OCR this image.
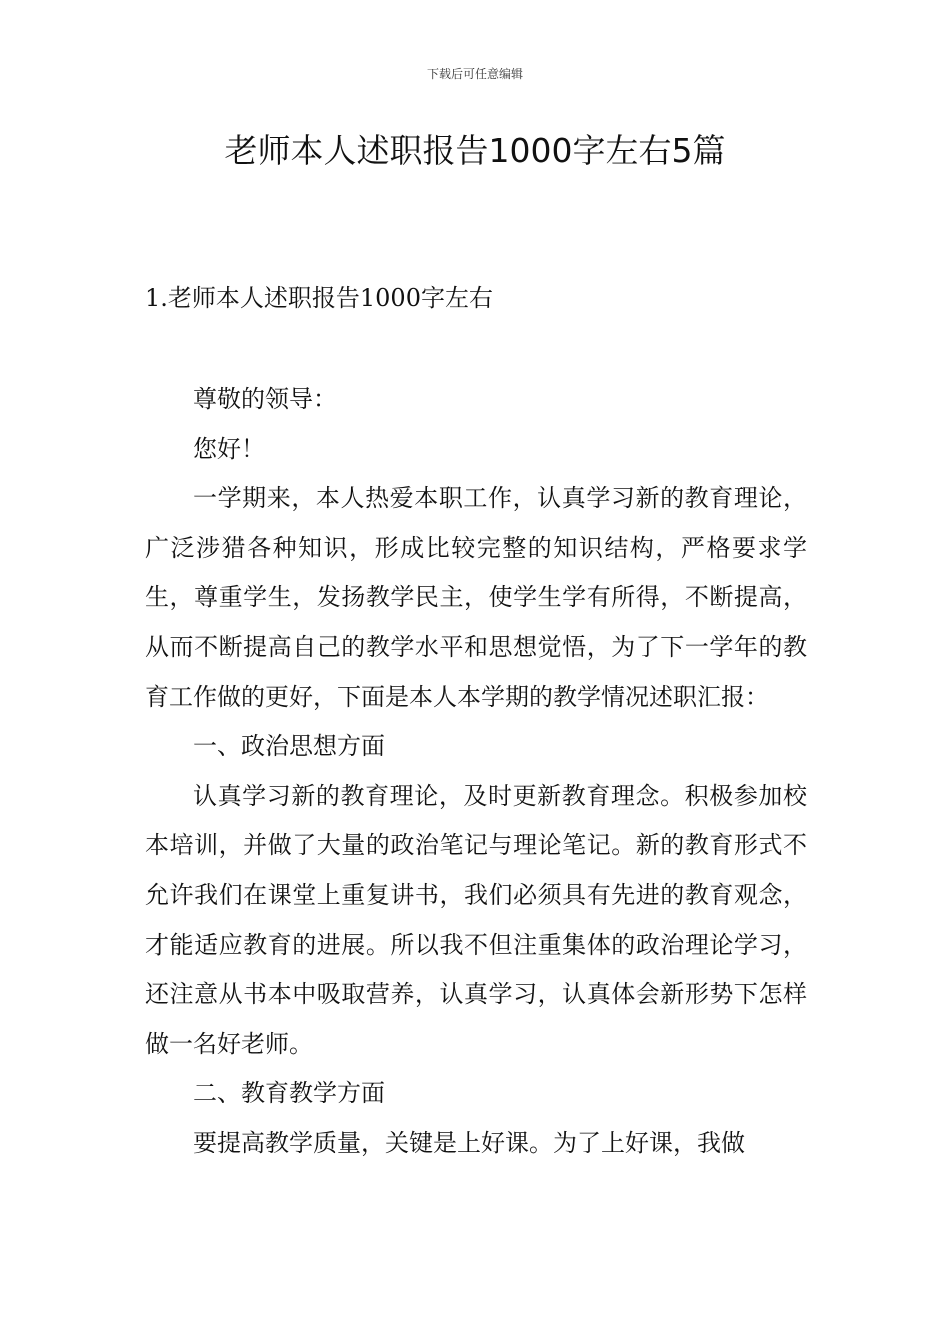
下载后可任意编辑
老师本人述职报告1000字左右5篇
1.老师本人述职报告1000字左右

尊敬的领导：

您好！

一学期来，本人热爱本职工作，认真学习新的教育理论，广泛涉猎各种知识，形成比较完整的知识结构，严格要求学生，尊重学生，发扬教学民主，使学生学有所得，不断提高，从而不断提高自己的教学水平和思想觉悟，为了下一学年的教育工作做的更好，下面是本人本学期的教学情况述职汇报：

一、政治思想方面

认真学习新的教育理论，及时更新教育理念。积极参加校本培训，并做了大量的政治笔记与理论笔记。新的教育形式不允许我们在课堂上重复讲书，我们必须具有先进的教育观念，才能适应教育的进展。所以我不但注重集体的政治理论学习，还注意从书本中吸取营养，认真学习，认真体会新形势下怎样做一名好老师。

二、教育教学方面

要提高教学质量，关键是上好课。为了上好课，我做
